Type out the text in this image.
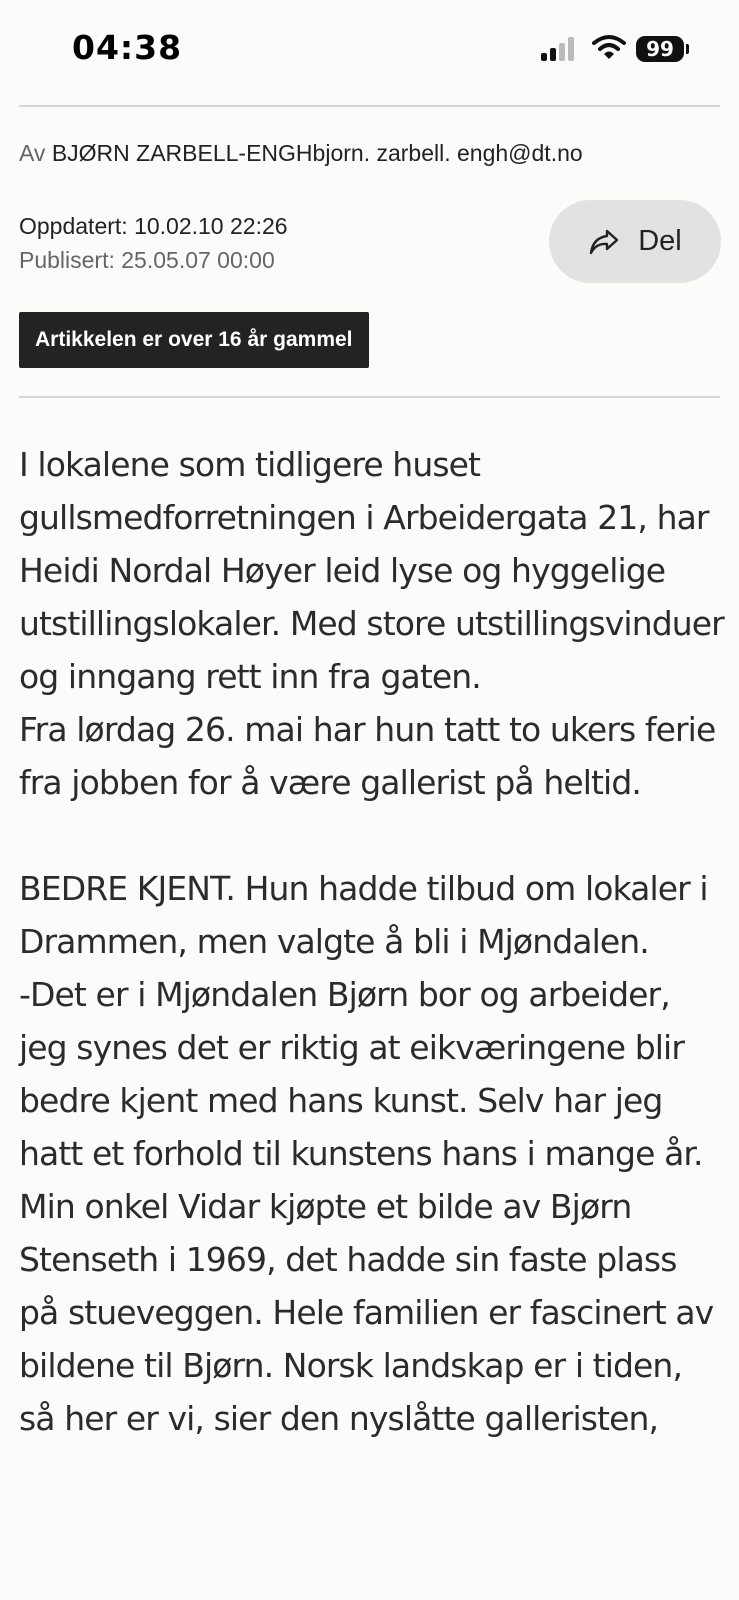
04:38	99
Av BJØRN ZARBELL-ENGHbjorn. zarbell. engh@dt.no
Oppdatert: 10.02.10 22:26
Publisert: 25.05.07 00:00
Del
Artikkelen er over 16 år gammel

I lokalene som tidligere huset gullsmedforretningen i Arbeidergata 21, har Heidi Nordal Høyer leid lyse og hyggelige utstillingslokaler. Med store utstillingsvinduer og inngang rett inn fra gaten.

Fra lørdag 26. mai har hun tatt to ukers ferie fra jobben for å være gallerist på heltid.

BEDRE KJENT. Hun hadde tilbud om lokaler i Drammen, men valgte å bli i Mjøndalen.

-Det er i Mjøndalen Bjørn bor og arbeider, jeg synes det er riktig at eikværingene blir bedre kjent med hans kunst. Selv har jeg hatt et forhold til kunstens hans i mange år. Min onkel Vidar kjøpte et bilde av Bjørn Stenseth i 1969, det hadde sin faste plass på stueveggen. Hele familien er fascinert av bildene til Bjørn. Norsk landskap er i tiden, så her er vi, sier den nyslåtte galleristen,
